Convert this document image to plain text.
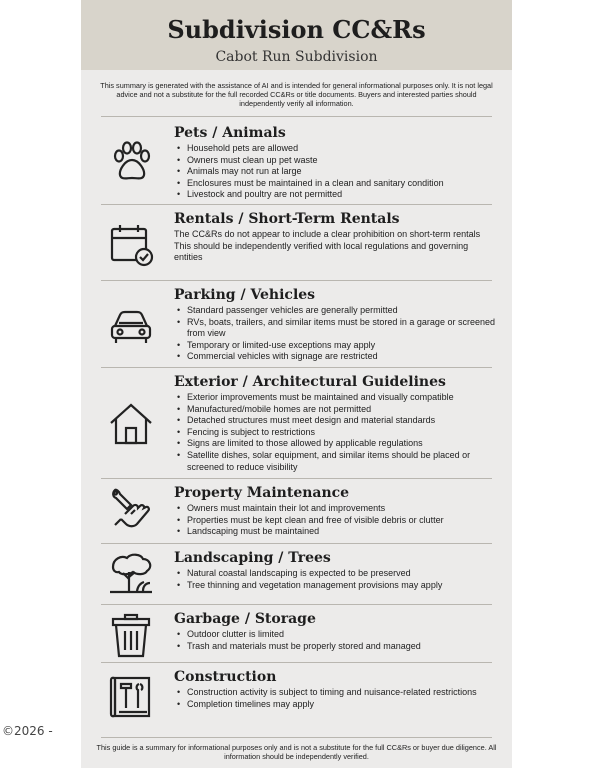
©2026 -
Subdivision CC&Rs
Cabot Run Subdivision
This summary is generated with the assistance of AI and is intended for general informational purposes only. It is not legal advice and not a substitute for the full recorded CC&Rs or title documents. Buyers and interested parties should independently verify all information.
Pets / Animals
• Household pets are allowed
• Owners must clean up pet waste
• Animals may not run at large
• Enclosures must be maintained in a clean and sanitary condition
• Livestock and poultry are not permitted
Rentals / Short-Term Rentals
The CC&Rs do not appear to include a clear prohibition on short-term rentals
This should be independently verified with local regulations and governing entities
Parking / Vehicles
• Standard passenger vehicles are generally permitted
• RVs, boats, trailers, and similar items must be stored in a garage or screened from view
• Temporary or limited-use exceptions may apply
• Commercial vehicles with signage are restricted
Exterior / Architectural Guidelines
• Exterior improvements must be maintained and visually compatible
• Manufactured/mobile homes are not permitted
• Detached structures must meet design and material standards
• Fencing is subject to restrictions
• Signs are limited to those allowed by applicable regulations
• Satellite dishes, solar equipment, and similar items should be placed or screened to reduce visibility
Property Maintenance
• Owners must maintain their lot and improvements
• Properties must be kept clean and free of visible debris or clutter
• Landscaping must be maintained
Landscaping / Trees
• Natural coastal landscaping is expected to be preserved
• Tree thinning and vegetation management provisions may apply
Garbage / Storage
• Outdoor clutter is limited
• Trash and materials must be properly stored and managed
Construction
• Construction activity is subject to timing and nuisance-related restrictions
• Completion timelines may apply
This guide is a summary for informational purposes only and is not a substitute for the full CC&Rs or buyer due diligence. All information should be independently verified.
